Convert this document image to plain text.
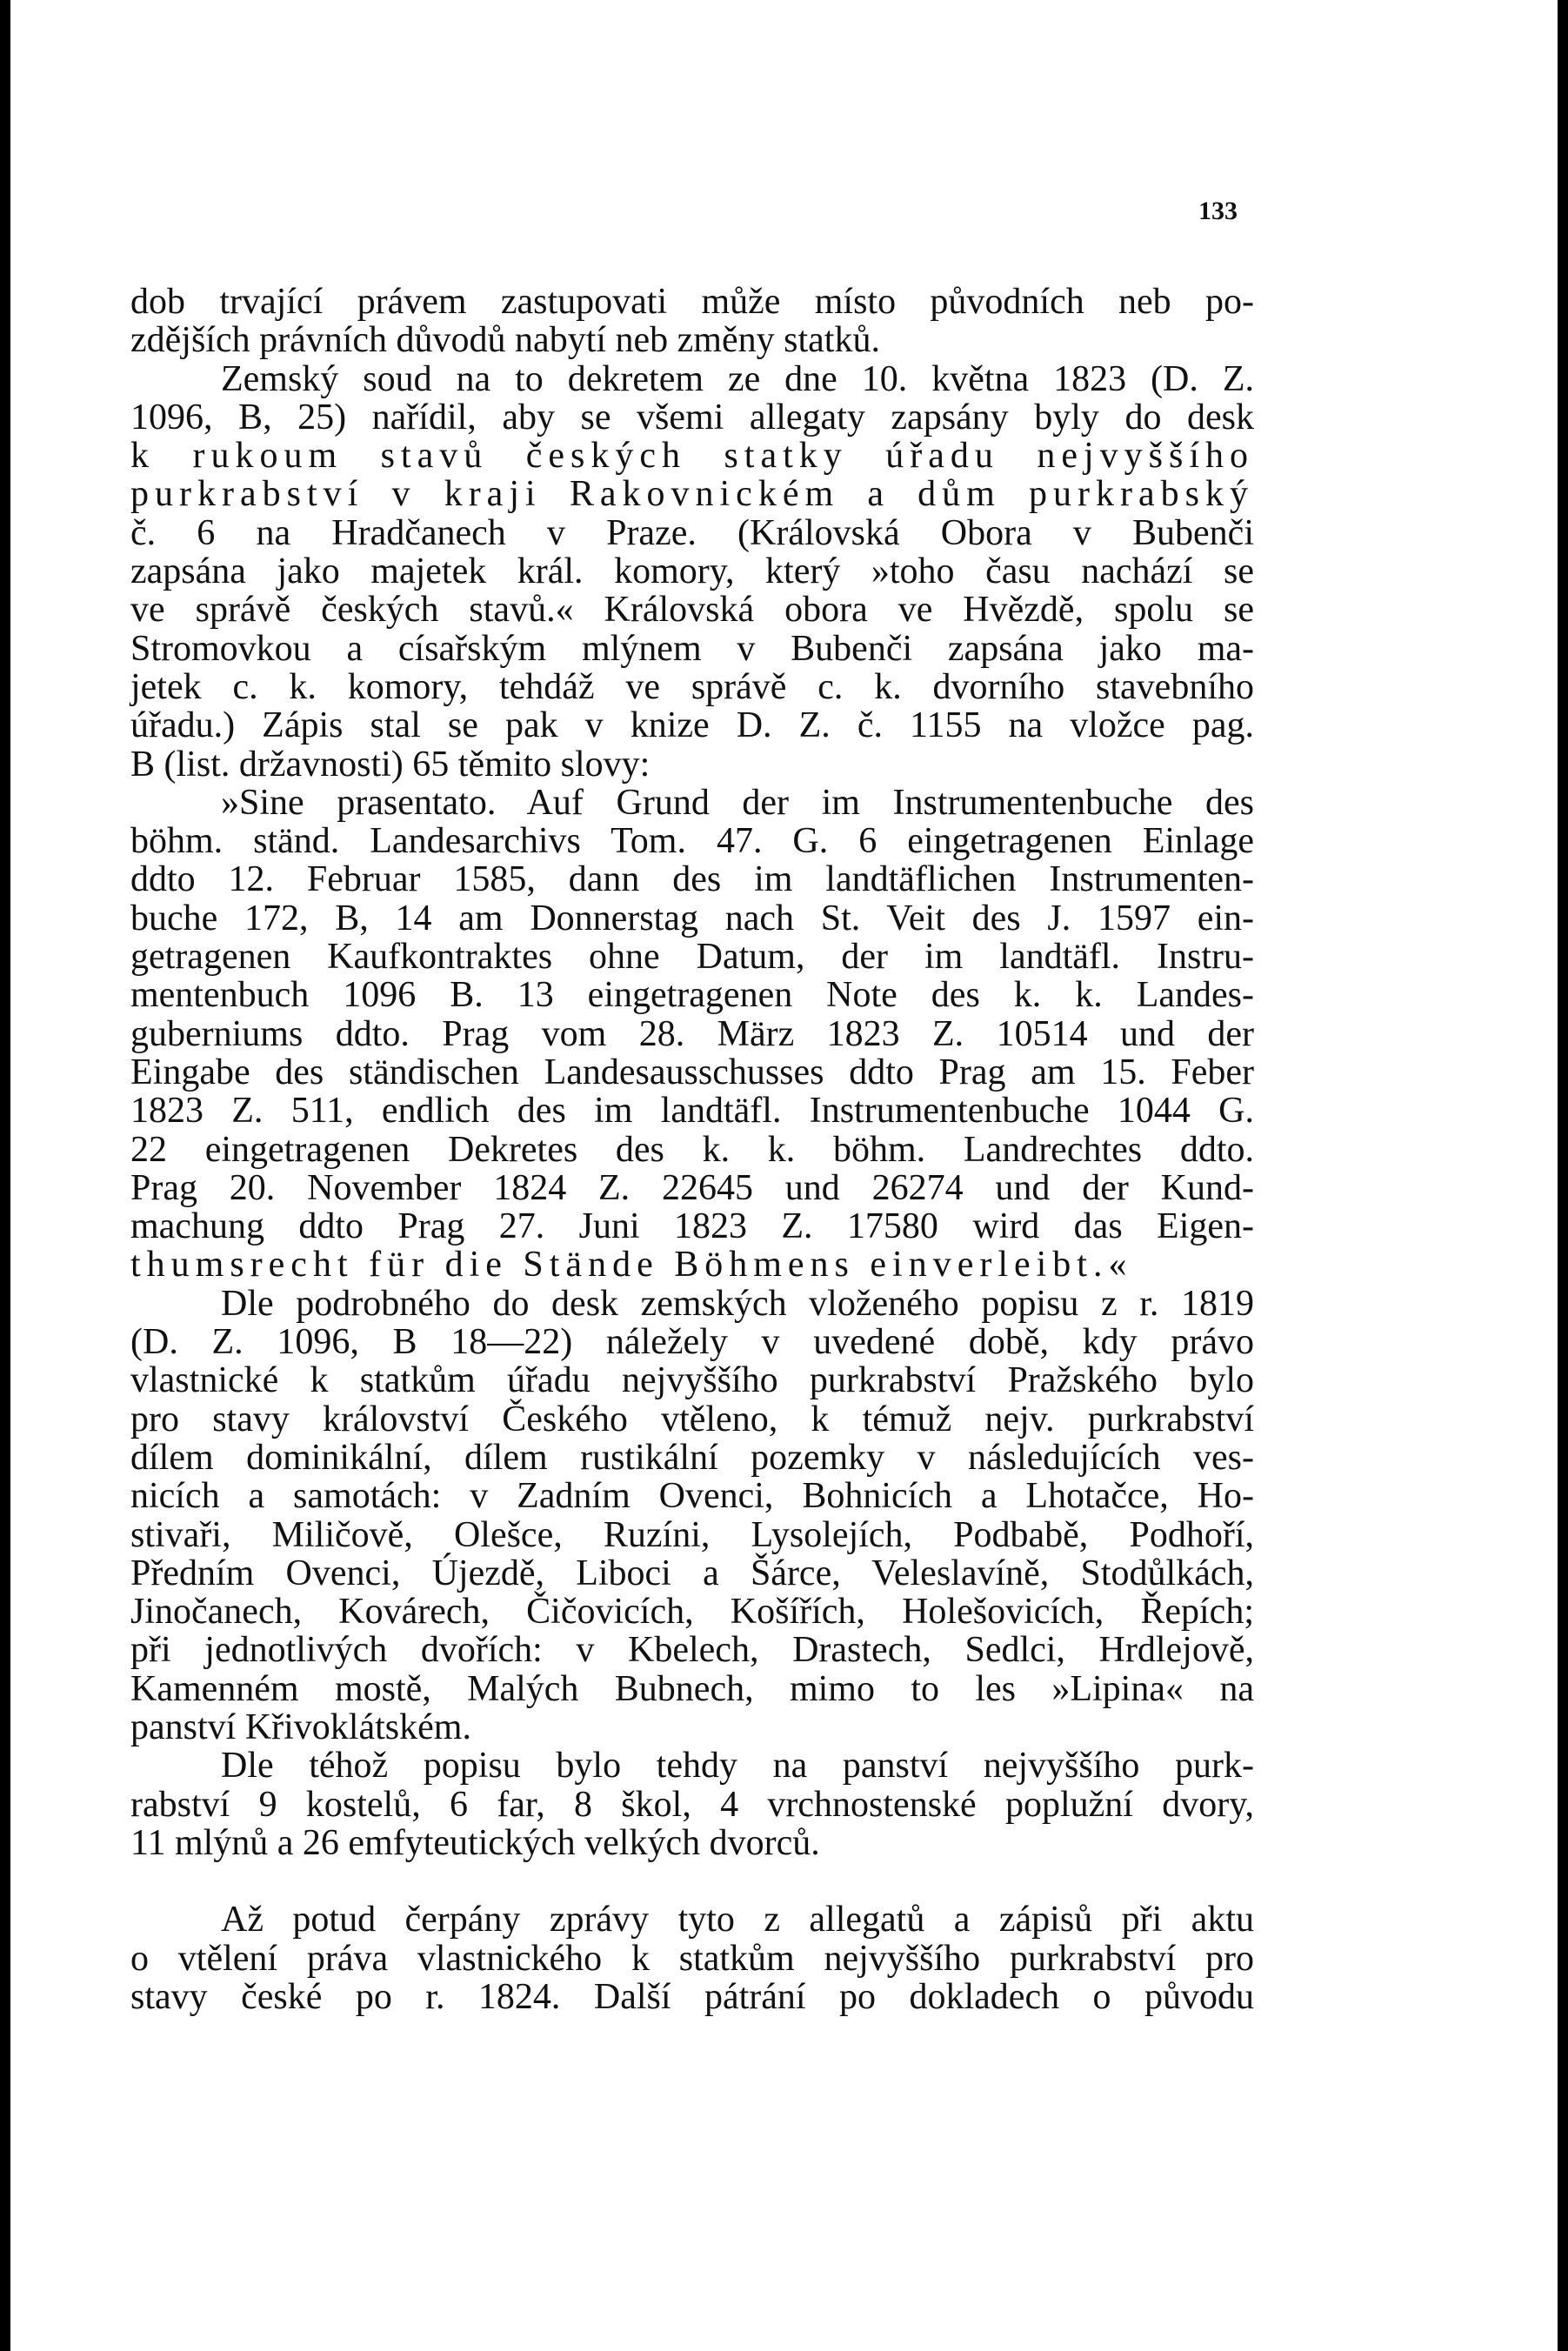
133
dob trvající právem zastupovati může místo původních neb po-
zdějších právních důvodů nabytí neb změny statků.
Zemský soud na to dekretem ze dne 10. května 1823 (D. Z.
1096, B, 25) nařídil, aby se všemi allegaty zapsány byly do desk
k rukoum stavů českých statky úřadu nejvyššího
purkrabství v kraji Rakovnickém a dům purkrabský
č. 6 na Hradčanech v Praze. (Královská Obora v Bubenči
zapsána jako majetek král. komory, který »toho času nachází se
ve správě českých stavů.« Královská obora ve Hvězdě, spolu se
Stromovkou a císařským mlýnem v Bubenči zapsána jako ma-
jetek c. k. komory, tehdáž ve správě c. k. dvorního stavebního
úřadu.) Zápis stal se pak v knize D. Z. č. 1155 na vložce pag.
B (list. državnosti) 65 těmito slovy:
»Sine prasentato. Auf Grund der im Instrumentenbuche des
böhm. ständ. Landesarchivs Tom. 47. G. 6 eingetragenen Einlage
ddto 12. Februar 1585, dann des im landtäflichen Instrumenten-
buche 172, B, 14 am Donnerstag nach St. Veit des J. 1597 ein-
getragenen Kaufkontraktes ohne Datum, der im landtäfl. Instru-
mentenbuch 1096 B. 13 eingetragenen Note des k. k. Landes-
guberniums ddto. Prag vom 28. März 1823 Z. 10514 und der
Eingabe des ständischen Landesausschusses ddto Prag am 15. Feber
1823 Z. 511, endlich des im landtäfl. Instrumentenbuche 1044 G.
22 eingetragenen Dekretes des k. k. böhm. Landrechtes ddto.
Prag 20. November 1824 Z. 22645 und 26274 und der Kund-
machung ddto Prag 27. Juni 1823 Z. 17580 wird das Eigen-
thumsrecht für die Stände Böhmens einverleibt.«
Dle podrobného do desk zemských vloženého popisu z r. 1819
(D. Z. 1096, B 18—22) náležely v uvedené době, kdy právo
vlastnické k statkům úřadu nejvyššího purkrabství Pražského bylo
pro stavy království Českého vtěleno, k témuž nejv. purkrabství
dílem dominikální, dílem rustikální pozemky v následujících ves-
nicích a samotách: v Zadním Ovenci, Bohnicích a Lhotačce, Ho-
stivaři, Miličově, Olešce, Ruzíni, Lysolejích, Podbabě, Podhoří,
Předním Ovenci, Újezdě, Liboci a Šárce, Veleslavíně, Stodůlkách,
Jinočanech, Kovárech, Čičovicích, Košířích, Holešovicích, Řepích;
při jednotlivých dvořích: v Kbelech, Drastech, Sedlci, Hrdlejově,
Kamenném mostě, Malých Bubnech, mimo to les »Lipina« na
panství Křivoklátském.
Dle téhož popisu bylo tehdy na panství nejvyššího purk-
rabství 9 kostelů, 6 far, 8 škol, 4 vrchnostenské poplužní dvory,
11 mlýnů a 26 emfyteutických velkých dvorců.

Až potud čerpány zprávy tyto z allegatů a zápisů při aktu
o vtělení práva vlastnického k statkům nejvyššího purkrabství pro
stavy české po r. 1824. Další pátrání po dokladech o původu
